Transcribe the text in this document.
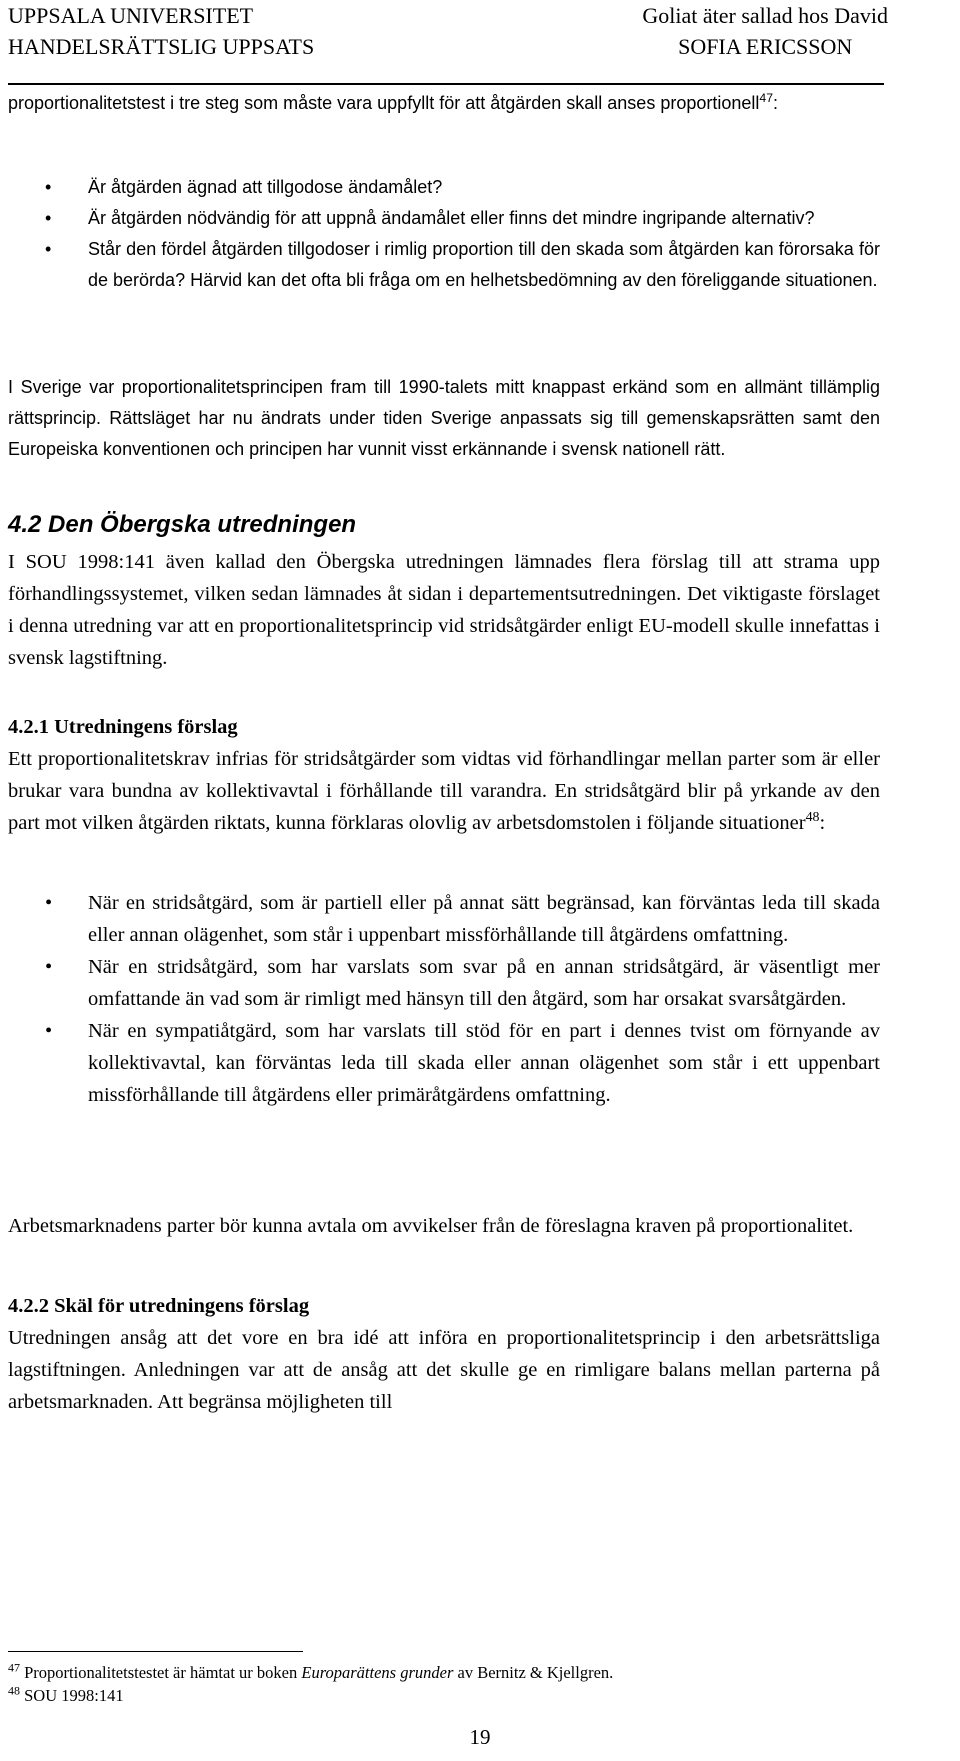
UPPSALA UNIVERSITET
HANDELSRÄTTSLIG UPPSATS
Goliat äter sallad hos David
SOFIA ERICSSON
proportionalitetstest i tre steg som måste vara uppfyllt för att åtgärden skall anses proportionell$^{47}$:
• Är åtgärden ägnad att tillgodose ändamålet?
• Är åtgärden nödvändig för att uppnå ändamålet eller finns det mindre ingripande alternativ?
• Står den fördel åtgärden tillgodoser i rimlig proportion till den skada som åtgärden kan förorsaka för de berörda? Härvid kan det ofta bli fråga om en helhetsbedömning av den föreliggande situationen.
I Sverige var proportionalitetsprincipen fram till 1990-talets mitt knappast erkänd som en allmänt tillämplig rättsprincip. Rättsläget har nu ändrats under tiden Sverige anpassats sig till gemenskapsrätten samt den Europeiska konventionen och principen har vunnit visst erkännande i svensk nationell rätt.
4.2 Den Öbergska utredningen
I SOU 1998:141 även kallad den Öbergska utredningen lämnades flera förslag till att strama upp förhandlingssystemet, vilken sedan lämnades åt sidan i departementsutredningen. Det viktigaste förslaget i denna utredning var att en proportionalitetsprincip vid stridsåtgärder enligt EU-modell skulle innefattas i svensk lagstiftning.
4.2.1 Utredningens förslag
Ett proportionalitetskrav infrias för stridsåtgärder som vidtas vid förhandlingar mellan parter som är eller brukar vara bundna av kollektivavtal i förhållande till varandra. En stridsåtgärd blir på yrkande av den part mot vilken åtgärden riktats, kunna förklaras olovlig av arbetsdomstolen i följande situationer$^{48}$:
• När en stridsåtgärd, som är partiell eller på annat sätt begränsad, kan förväntas leda till skada eller annan olägenhet, som står i uppenbart missförhållande till åtgärdens omfattning.
• När en stridsåtgärd, som har varslats som svar på en annan stridsåtgärd, är väsentligt mer omfattande än vad som är rimligt med hänsyn till den åtgärd, som har orsakat svarsåtgärden.
• När en sympatiåtgärd, som har varslats till stöd för en part i dennes tvist om förnyande av kollektivavtal, kan förväntas leda till skada eller annan olägenhet som står i ett uppenbart missförhållande till åtgärdens eller primäråtgärdens omfattning.
Arbetsmarknadens parter bör kunna avtala om avvikelser från de föreslagna kraven på proportionalitet.
4.2.2 Skäl för utredningens förslag
Utredningen ansåg att det vore en bra idé att införa en proportionalitetsprincip i den arbetsrättsliga lagstiftningen. Anledningen var att de ansåg att det skulle ge en rimligare balans mellan parterna på arbetsmarknaden. Att begränsa möjligheten till
$^{47}$ Proportionalitetstestet är hämtat ur boken Europarättens grunder av Bernitz & Kjellgren.
$^{48}$ SOU 1998:141
19
